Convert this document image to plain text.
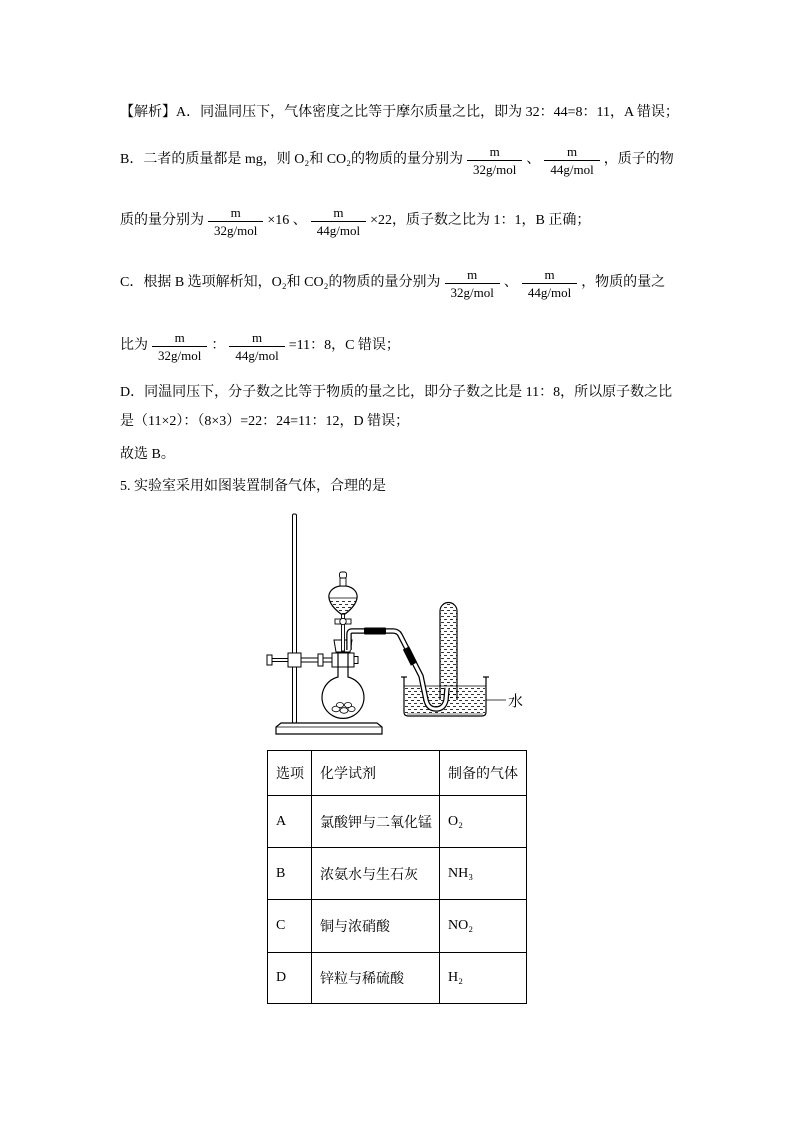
【解析】A．同温同压下，气体密度之比等于摩尔质量之比，即为 32：44=8：11，A 错误；
B．二者的质量都是 mg，则 O₂和 CO₂的物质的量分别为 $\frac{m}{\text{32g/mol}}$ 、 $\frac{m}{\text{44g/mol}}$ ，质子的物
质的量分别为 $\frac{m}{\text{32g/mol}} \times 16$ 、 $\frac{m}{\text{44g/mol}} \times 22$，质子数之比为 1：1，B 正确；
C．根据 B 选项解析知，O₂和 CO₂的物质的量分别为 $\frac{m}{\text{32g/mol}}$ 、 $\frac{m}{\text{44g/mol}}$ ，物质的量之
比为 $\frac{m}{\text{32g/mol}}$ ： $\frac{m}{\text{44g/mol}} =11$：8，C 错误；
D．同温同压下，分子数之比等于物质的量之比，即分子数之比是 11：8，所以原子数之比
是（11×2）：（8×3）=22：24=11：12，D 错误；
故选 B。
5. 实验室采用如图装置制备气体，合理的是
水
选项	化学试剂	制备的气体
A	氯酸钾与二氧化锰	O₂
B	浓氨水与生石灰	NH₃
C	铜与浓硝酸	NO₂
D	锌粒与稀硫酸	H₂
